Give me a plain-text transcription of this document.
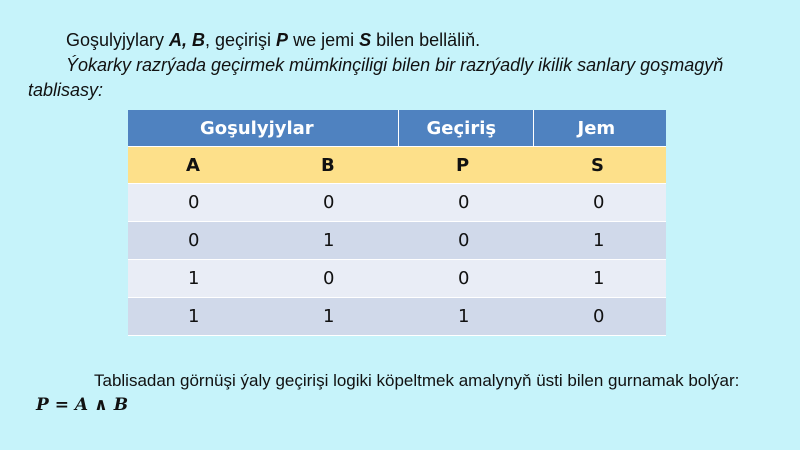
Goşulyjylary A, B, geçirişi P we jemi S bilen belläliň.

Ýokarky razrýada geçirmek mümkinçiligi bilen bir razrýadly ikilik sanlary goşmagyň tablisasy:

Goşulyjylar		Geçiriş	Jem
A	B	P	S
0	0	0	0
0	1	0	1
1	0	0	1
1	1	1	0

Tablisadan görnüşi ýaly geçirişi logiki köpeltmek amalynyň üsti bilen gurnamak bolýar: P = A ∧ B
